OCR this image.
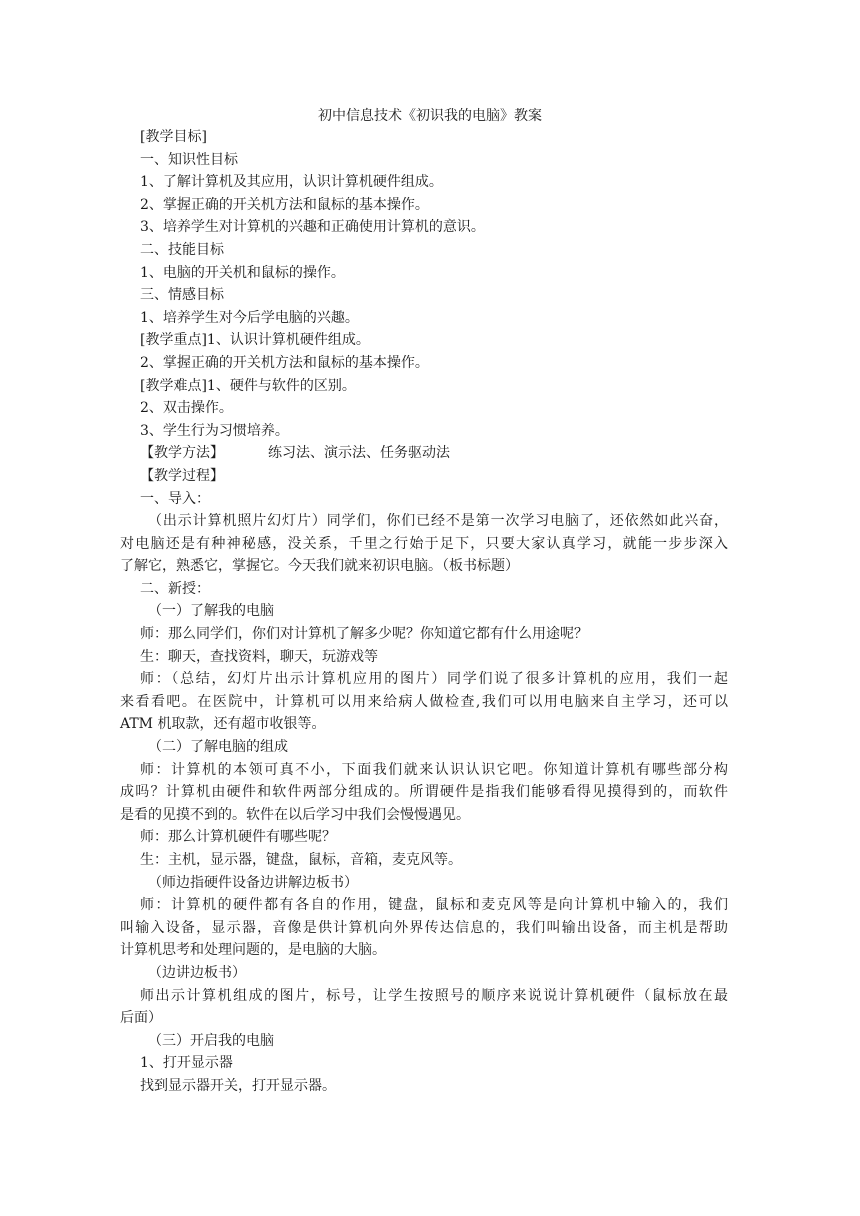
初中信息技术《初识我的电脑》教案
[教学目标]
一、知识性目标
1、了解计算机及其应用，认识计算机硬件组成。
2、掌握正确的开关机方法和鼠标的基本操作。
3、培养学生对计算机的兴趣和正确使用计算机的意识。
二、技能目标
1、电脑的开关机和鼠标的操作。
三、情感目标
1、培养学生对今后学电脑的兴趣。
[教学重点]1、认识计算机硬件组成。
2、掌握正确的开关机方法和鼠标的基本操作。
[教学难点]1、硬件与软件的区别。
2、双击操作。
3、学生行为习惯培养。
【教学方法】	练习法、演示法、任务驱动法
【教学过程】
一、导入：
（出示计算机照片幻灯片）同学们，你们已经不是第一次学习电脑了，还依然如此兴奋，
对电脑还是有种神秘感，没关系，千里之行始于足下，只要大家认真学习，就能一步步深入
了解它，熟悉它，掌握它。今天我们就来初识电脑。（板书标题）
二、新授：
（一）了解我的电脑
师：那么同学们，你们对计算机了解多少呢？你知道它都有什么用途呢？
生：聊天，查找资料，聊天，玩游戏等
师：（总结，幻灯片出示计算机应用的图片）同学们说了很多计算机的应用，我们一起
来看看吧。在医院中，计算机可以用来给病人做检查,我们可以用电脑来自主学习，还可以
ATM 机取款，还有超市收银等。
（二）了解电脑的组成
师：计算机的本领可真不小，下面我们就来认识认识它吧。你知道计算机有哪些部分构
成吗？计算机由硬件和软件两部分组成的。所谓硬件是指我们能够看得见摸得到的，而软件
是看的见摸不到的。软件在以后学习中我们会慢慢遇见。
师：那么计算机硬件有哪些呢？
生：主机，显示器，键盘，鼠标，音箱，麦克风等。
（师边指硬件设备边讲解边板书）
师：计算机的硬件都有各自的作用，键盘，鼠标和麦克风等是向计算机中输入的，我们
叫输入设备，显示器，音像是供计算机向外界传达信息的，我们叫输出设备，而主机是帮助
计算机思考和处理问题的，是电脑的大脑。
（边讲边板书）
师出示计算机组成的图片，标号，让学生按照号的顺序来说说计算机硬件（鼠标放在最
后面）
（三）开启我的电脑
1、打开显示器
找到显示器开关，打开显示器。
